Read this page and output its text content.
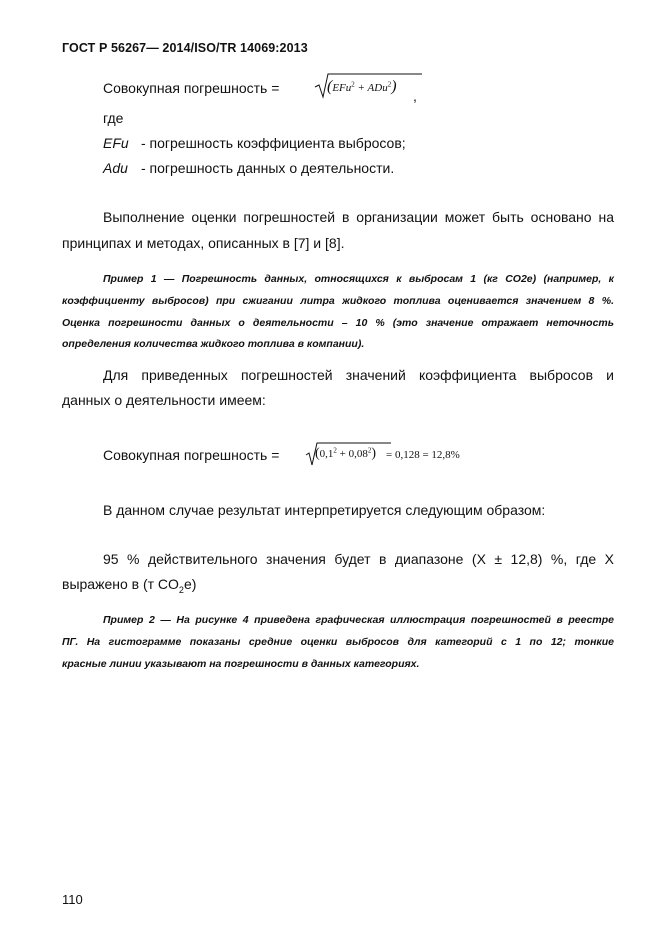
ГОСТ Р 56267— 2014/ISO/TR 14069:2013
Совокупная погрешность =	(EFu$^2$ + ADu$^2$)
,
где
EFu - погрешность коэффициента выбросов;
Adu - погрешность данных о деятельности.
Выполнение оценки погрешностей в организации может быть основано на
принципах и методах, описанных в [7] и [8].
Пример 1 — Погрешность данных, относящихся к выбросам 1 (кг CO2e) (например, к
коэффициенту выбросов) при сжигании литра жидкого топлива оценивается значением 8 %.
Оценка погрешности данных о деятельности – 10 % (это значение отражает неточность
определения количества жидкого топлива в компании).
Для приведенных погрешностей значений коэффициента выбросов и
данных о деятельности имеем:
Совокупная погрешность =	$(0,1^2 + 0,08^2) = 0,128 = 12,8\%$
В данном случае результат интерпретируется следующим образом:
95 % действительного значения будет в диапазоне (X ± 12,8) %, где X
выражено в (т $CO_2е$)
Пример 2 — На рисунке 4 приведена графическая иллюстрация погрешностей в реестре
ПГ. На гистограмме показаны средние оценки выбросов для категорий с 1 по 12; тонкие
красные линии указывают на погрешности в данных категориях.
110
